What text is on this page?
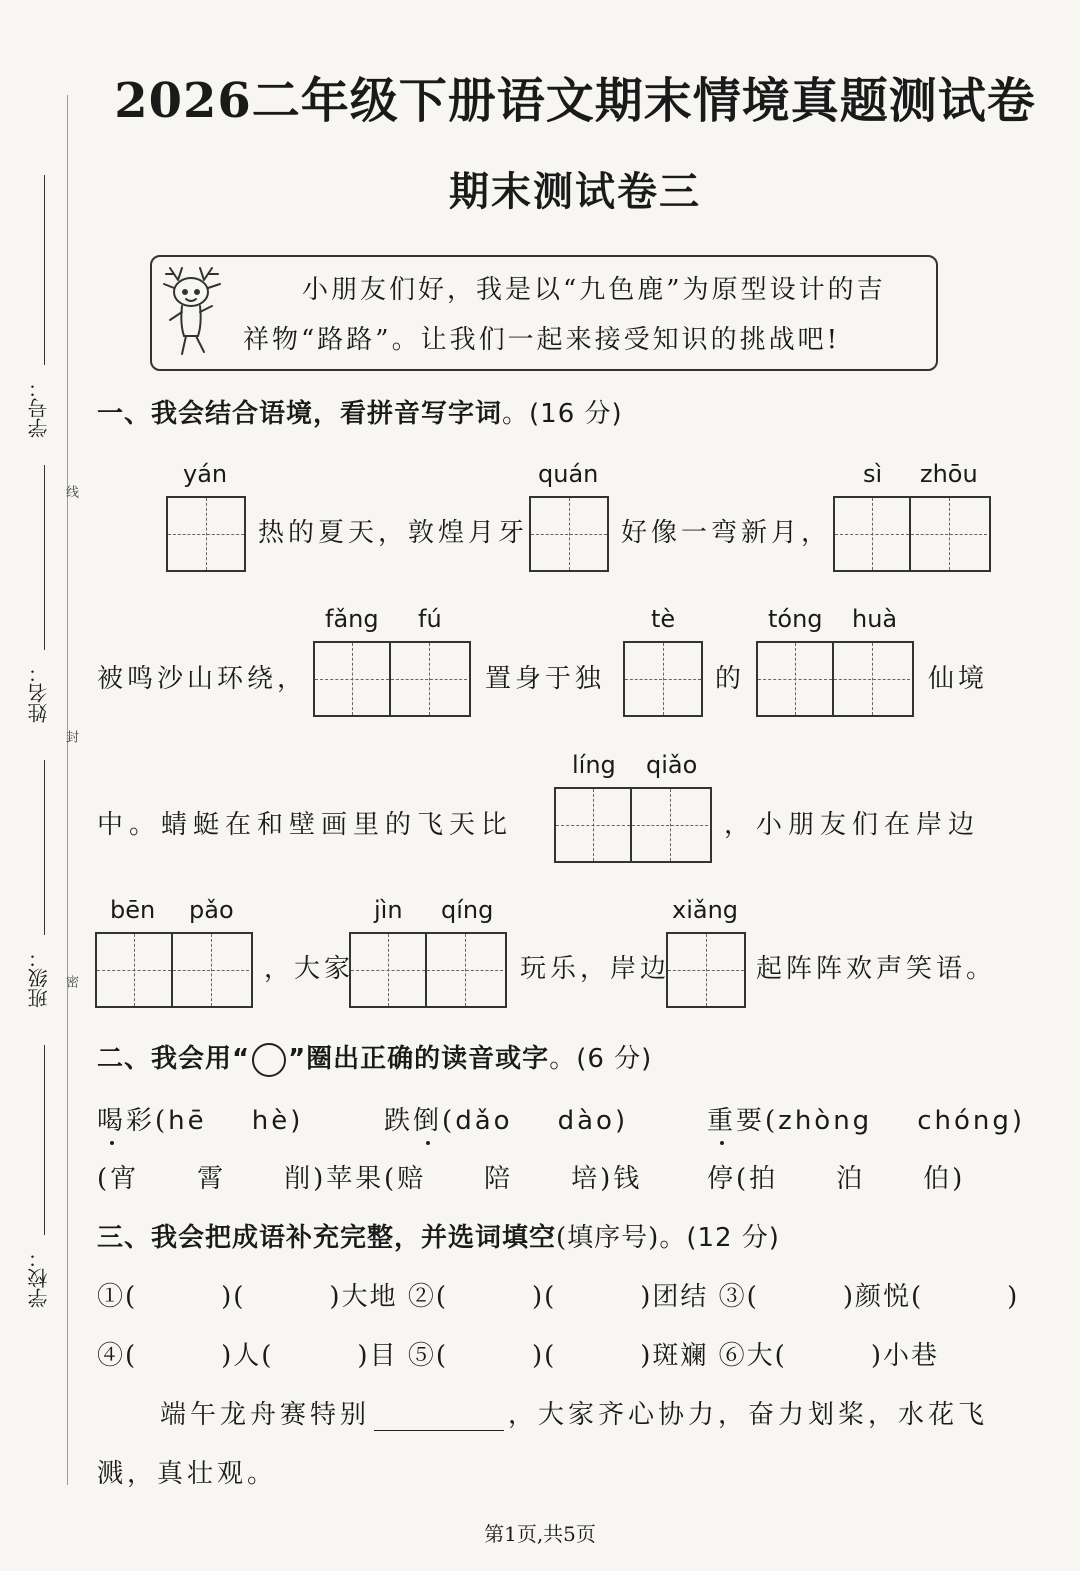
2026二年级下册语文期末情境真题测试卷
期末测试卷三
学号：
姓名：
班级：
学校：
线
封
密
小朋友们好，我是以“九色鹿”为原型设计的吉
祥物“路路”。让我们一起来接受知识的挑战吧!
一、我会结合语境，看拼音写字词。(16 分)
yán
热的夏天，敦煌月牙
quán
好像一弯新月，
sì zhōu
被鸣沙山环绕，
fǎng fú
置身于独
tè
的
tóng huà
仙境
中。蜻蜓在和壁画里的飞天比
líng qiǎo
，小朋友们在岸边
bēn pǎo
，大家
jìn qíng
玩乐，岸边
xiǎng
起阵阵欢声笑语。
二、我会用“ ”圈出正确的读音或字。(6 分)
喝彩(hē hè)	跌倒(dǎo dào)	重要(zhòng chóng)
(宵　　霄　　削)苹果 (赔　　陪　　培)钱 停(拍　　泊　　伯)
三、我会把成语补充完整，并选词填空(填序号)。(12 分)
①(　　　)(　　　)大地 ②(　　　)(　　　)团结 ③(　　　)颜悦(　　　)
④(　　　)人(　　　)目 ⑤(　　　)(　　　)斑斓 ⑥大(　　　)小巷
端午龙舟赛特别	，大家齐心协力，奋力划桨，水花飞
溅，真壮观。
第1页,共5页
